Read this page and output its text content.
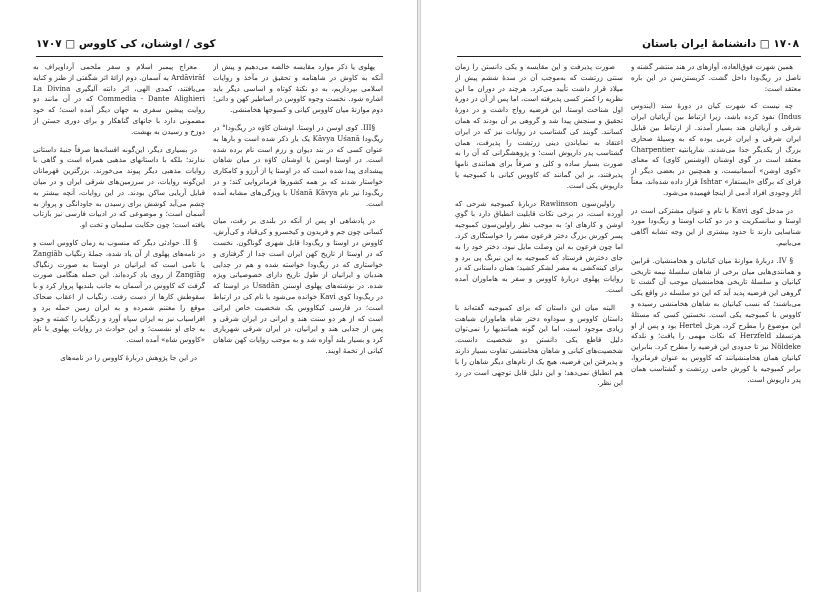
کوی / اوشنان، کی کاووس □ ۱۷۰۷

پهلوی یا ذکر موارد مقایسه خالصه می‌دهیم و پیش از آنکه به کاوش در شاهنامه و تحقیق در مآخذ و روایات اسلامی بپردازیم، به دو نکتهٔ کوتاه و اساسی دیگر باید اشاره شود. نخست وجوه کاووس در اساطیر کهن و دانی؛ دوم موازنهٔ میان کاووس کیانی و کسوجها هخامنشی.

§III. کوی اوسن در اوستا. اوشنان کاوَه در ریگ‌ودا° در ریگ‌ودا Kāvya Uśanā یک بار ذکر شده است و بارها به عنوان کسی که در بند دیوان و رزم است نام برده شده است. در اوستا اوسن یا اوشنان کاوَه در میان شاهان پیشدادی پیدا شده است که در اوستا پا از آرزو و کامکاری خواستار شدند که بر همه کشورها فرمانروایی کند؛ و در ریگ‌ودا نیز نام Uśanā Kāvya با ویژگی‌های مشابه آمده است.

در پادشاهی او پس از آنکه در بلندی بر رفت، میان کسانی چون جم و فریدون و کیخسرو و کی‌قباد و کی‌آرش، کاووس در اوستا و ریگ‌ودا قابل شهری گوناگون. نخست که در اوستا از تاریخ کهن ایران است جدا از گرفتاری و خواستاری که در ریگ‌ودا خواسته شده و هم در جدایی هندیان و ایرانیان از طول تاریخ دارای خصوصیاتی ویژه شده. در نوشته‌های پهلوی اوسنن Usadān در اوستا که در ریگ‌ودا کوی Kavi خوانده می‌شود با نام کی در ارتباط است؛ در فارسی کیکاووس یک شخصیت خاص ایرانی است که از هر دو سنت هند و ایرانی در ایران شرقی و پس از جدایی هند و ایرانیان، در ایران شرقی شهریاری کرد و بسیار بلند آوازه شد و به موجب روایات کهن شاهان کیانی از تخمهٔ اویند.

معراج پیمبر اسلام و سفر ملحمی آرداویراف به Ardāvirāf به آسمان. دوم ارائهٔ اثر شگفتی از طنز و کنایه می‌یافتند، کمدی الهی، اثر دانته آلیگیری La Divina Commedia - Dante Alighieri که در آن مانند دو روایت پیشین سفری به جهان دیگر آمده است؛ که خود مضمونی دارد با جانهای گناهکار و برای دوری جستن از دوزخ و رسیدن به بهشت.

در بسیاری دیگر، این‌گونه افسانه‌ها صرفاً جنبهٔ داستانی ندارند؛ بلکه با داستانهای مذهبی همراه است و گاهی با روایات مذهبی دیگر پیوند می‌خورند. بزرگترین قهرمانان این‌گونه روایات، در سرزمین‌های شرقی ایران و در میان قبایل آریایی ساکن بودند. در این روایات، آنچه بیشتر به چشم می‌آید کوشش برای رسیدن به جاودانگی و پرواز به آسمان است؛ و موضوعی که در ادبیات فارسی نیز بازتاب یافته است؛ چون حکایت سلیمان و تخت او.

§ II. حوادثی دیگر که منسوب به زمان کاووس است و در نامه‌های پهلوی از آن یاد شده، جملهٔ زنگیاب Zangiāb یا نامی است که ایرانیان در اوستا به صورت زنگیاگ Zangiāg از روی یاد کرده‌اند. این حمله هنگامی صورت گرفت که کاووس در آسمان به جانب بلندیها پرواز کرد و با سقوطش کارها از دست رفت. زنگیاب از اعقاب ضحاک موقع را مغتنم شمرده و به ایران زمین حمله برد و افراسیاب نیز به ایران سپاه آورد و زنگیاب را کشته و خود به جای او نشست؛ و این حوادث در روایات پهلوی با نام «کاووس شاه» آمده است.

در این جا پژوهش دربارهٔ کاووس را در نامه‌های

۱۷۰۸ □ دانشنامهٔ ایران باستان

همین شهرت فوق‌العاده، آوازهای در هند منتشر گشته و ناصل در ریگ‌ودا داخل گشت. کریستن‌سن در این باره معتقد است:

چه نیست که شهرت کیان در دورهٔ سند (ایندوس Indus) نفوذ کرده باشد، زیرا ارتباط بین آریائیان ایران شرقی و آریائیان هند بسیار آمدند. از ارتباط بین قبایل ایران شرقی و ایران غربی بوده که به وسیلهٔ صحاری بزرگ از یکدیگر جدا می‌شدند. شارپانتیه Charpentier معتقد است در گوی اوشنان (اوشنس کاوی) که معنای «کوی اوشن» آسمانیست، و همچنین در بعضی دیگر از قرای که برگای «ایستفار» Ishtar قرار داده شده‌اند، معناً آثار وجودی افراد آدمی از اینجا فهمیده می‌شود.

در مدخل کوی Kavi با نام و عنوان مشترکی است در اوستا و سانسکریت و در دو کتاب اوستا و ریگ‌ودا مورد شناسایی دارند تا حدود بیشتری از این وجه تشابه آگاهی می‌یابیم.

§ IV. دربارهٔ موازنهٔ میان کیانیان و هخامنشیان. قرابین و همانندی‌هایی میان برخی از شاهان سلسلهٔ نیمه تاریخی کیانیان و سلسلهٔ تاریخی هخامنشیان موجب آن گشت تا گروهی این فرضیه پدید آید که این دو سلسله در واقع یکی می‌باشند؛ که نسب کیانیان به شاهان هخامنشی رسیده و کاووس با کمبوجیه یکی است. نخستین کسی که مسئلهٔ این موضوع را مطرح کرد، هرتل Hertel بود و پس از او هرتسفلد Herzfeld که نکات مهمی را یافت؛ و نلدکه Nöldeke نیز تا حدودی این فرضیه را مطرح کرد. بنابراین کیانیان همان هخامنشیانند که کاووس به عنوان فرمانروا، برابر کمبوجیه یا کورش حامی زرتشت و گشتاسب همان پدر داریوش است.

صورت پذیرفت و این مقایسه و یکی دانستن را زمان سنتی زرتشت که به‌موجب آن در سدهٔ ششم پیش از میلاد قرار داشت تأیید می‌کرد. هرچند در دوران ما این نظریه را کمتر کسی پذیرفته است، اما پس از آن در دورهٔ اول شناخت اوستا، این فرضیه رواج داشت و در دورهٔ تحقیق و سنجش پیدا شد و گروهی بر آن بودند که همان کسانند. گویند کی گشتاسب در روایات نیز که در ایران اعتقاد به نمایاندن دینی زرتشت را پذیرفت، همان گشتاسب پدر داریوش است؛ و پژوهشگرانی که آن را به صورت بسیار ساده و کلی و صرفاً برای همانندی نامها پذیرفتند، بر این گمانند که کاووس کیانی با کمبوجیه یا داریوش یکی است.

راولین‌سون Rawlinson دربارهٔ کمبوجیه شرحی که آورده است، در برخی نکات قابلیت انطباق دارد با گویِ اوشن و کارهای او؛ به موجب نظر راولین‌سون کمبوجیه پسر کورش بزرگ دختر فرعون مصر را خواستگاری کرد. اما چون فرعون به این وصلت مایل نبود، دختر خود را به جای دخترش فرستاد که کمبوجیه به این نیرنگ پی برد و برای کینه‌کشی به مصر لشکر کشید؛ همان داستانی که در روایات پهلوی دربارهٔ کاووس و سفر به هاماوران آمده است.

البته میان این داستان که برای کمبوجیه گفته‌اند با داستان کاووس و سوداوه دختر شاه هاماوران شباهت زیادی موجود است، اما این گونه همانندیها را نمی‌توان دلیل قاطع یکی دانستن دو شخصیت دانست. شخصیت‌های کیانی و شاهان هخامنشی تفاوت بسیار دارند و پذیرفتن این فرضیه، هیچ یک از نام‌های دیگر شاهان را با هم انطباق نمی‌دهد؛ و این دلیل قابل توجهی است در رد این نظر.
